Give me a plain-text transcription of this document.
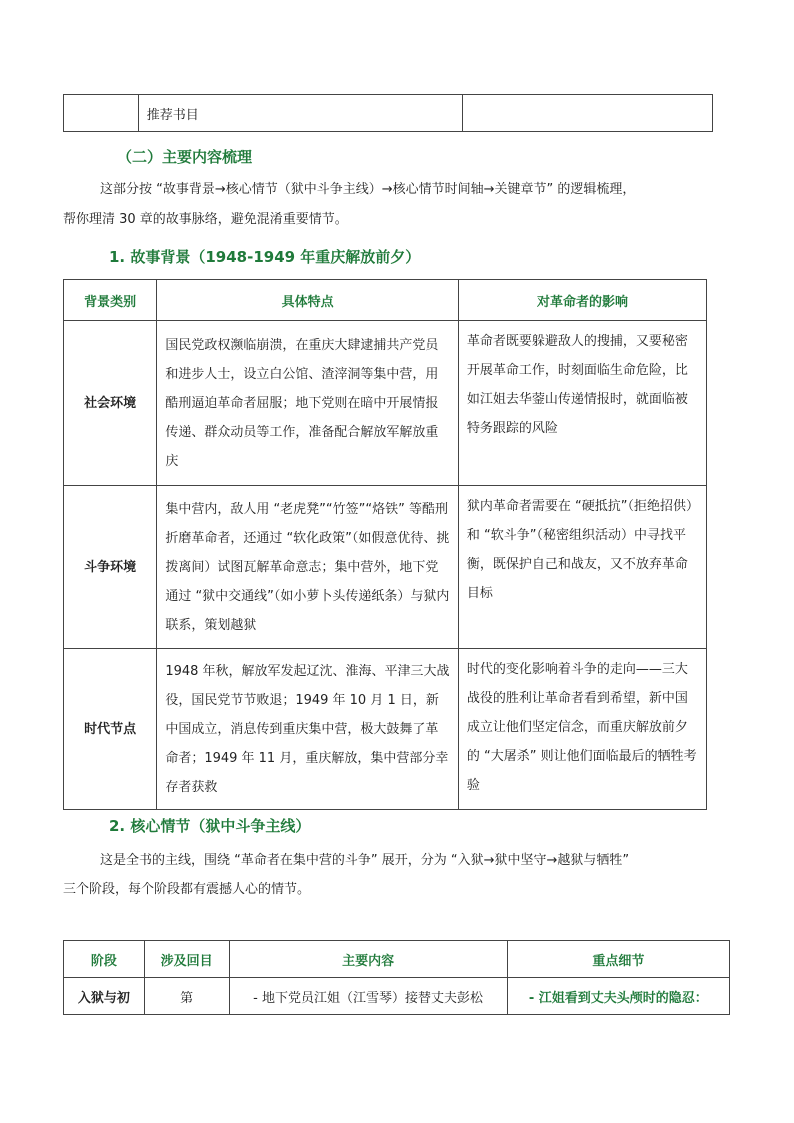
	推荐书目	
（二）主要内容梳理
这部分按 “故事背景→核心情节（狱中斗争主线）→核心情节时间轴→关键章节” 的逻辑梳理，
帮你理清 30 章的故事脉络，避免混淆重要情节。
1. 故事背景（1948-1949 年重庆解放前夕）
背景类别	具体特点	对革命者的影响
社会环境	国民党政权濒临崩溃，在重庆大肆逮捕共产党员和进步人士，设立白公馆、渣滓洞等集中营，用酷刑逼迫革命者屈服；地下党则在暗中开展情报传递、群众动员等工作，准备配合解放军解放重庆	革命者既要躲避敌人的搜捕，又要秘密开展革命工作，时刻面临生命危险，比如江姐去华蓥山传递情报时，就面临被特务跟踪的风险
斗争环境	集中营内，敌人用 “老虎凳”“竹签”“烙铁” 等酷刑折磨革命者，还通过 “软化政策”（如假意优待、挑拨离间）试图瓦解革命意志；集中营外，地下党通过 “狱中交通线”（如小萝卜头传递纸条）与狱内联系，策划越狱	狱内革命者需要在 “硬抵抗”（拒绝招供）和 “软斗争”（秘密组织活动）中寻找平衡，既保护自己和战友，又不放弃革命目标
时代节点	1948 年秋，解放军发起辽沈、淮海、平津三大战役，国民党节节败退；1949 年 10 月 1 日，新中国成立，消息传到重庆集中营，极大鼓舞了革命者；1949 年 11 月，重庆解放，集中营部分幸存者获救	时代的变化影响着斗争的走向——三大战役的胜利让革命者看到希望，新中国成立让他们坚定信念，而重庆解放前夕的 “大屠杀” 则让他们面临最后的牺牲考验
2. 核心情节（狱中斗争主线）
这是全书的主线，围绕 “革命者在集中营的斗争” 展开，分为 “入狱→狱中坚守→越狱与牺牲”
三个阶段，每个阶段都有震撼人心的情节。
阶段	涉及回目	主要内容	重点细节
入狱与初	第	- 地下党员江姐（江雪琴）接替丈夫彭松	- 江姐看到丈夫头颅时的隐忍：
